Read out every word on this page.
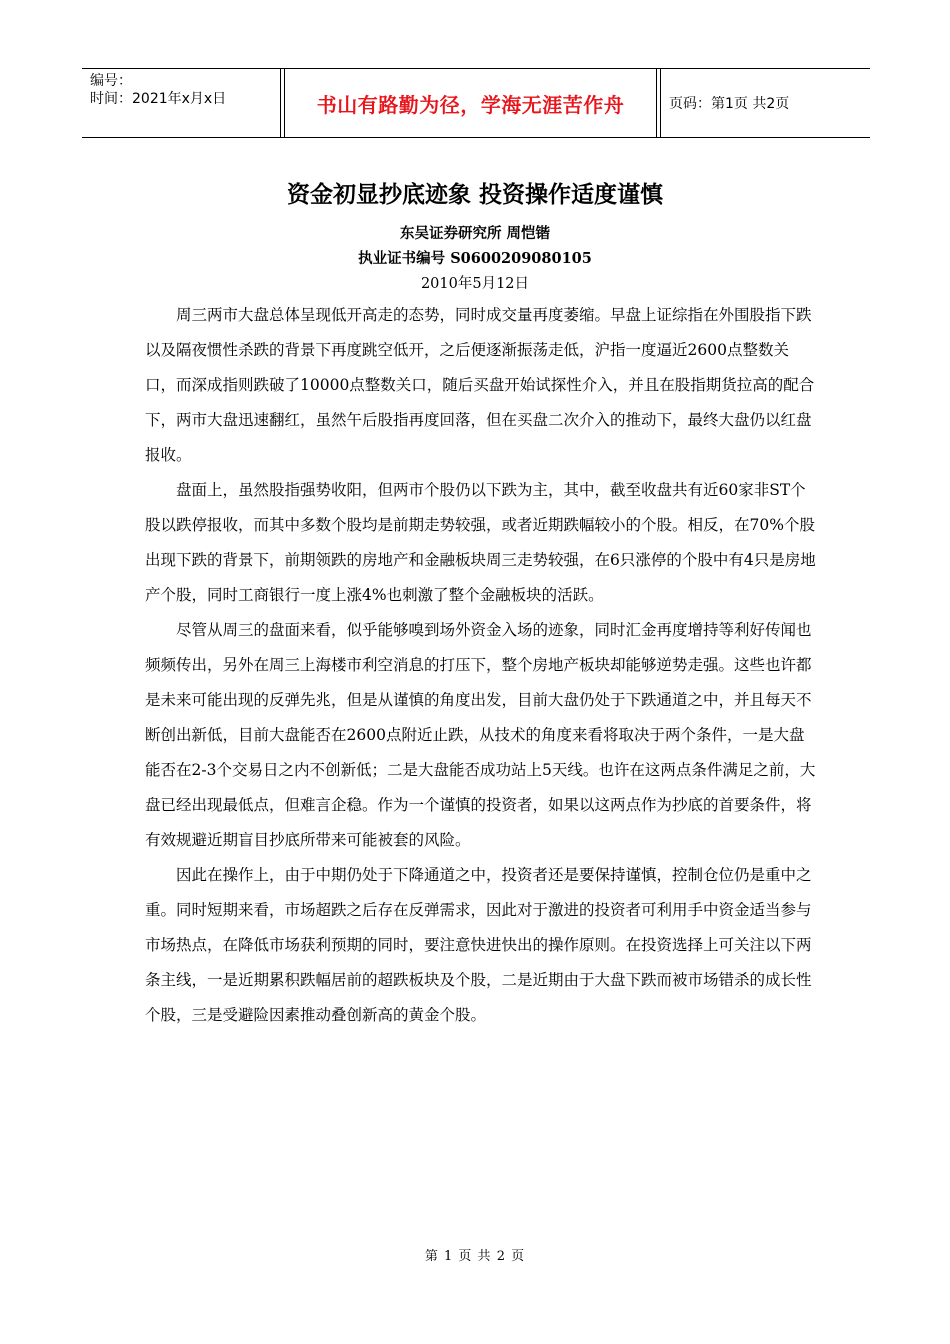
编号：
时间：2021年x月x日	书山有路勤为径，学海无涯苦作舟	页码：第1页 共2页
资金初显抄底迹象 投资操作适度谨慎
东吴证券研究所 周恺锴
执业证书编号 S0600209080105
2010年5月12日

周三两市大盘总体呈现低开高走的态势，同时成交量再度萎缩。早盘上证综指在外围股指下跌以及隔夜惯性杀跌的背景下再度跳空低开，之后便逐渐振荡走低，沪指一度逼近2600点整数关口，而深成指则跌破了10000点整数关口，随后买盘开始试探性介入，并且在股指期货拉高的配合下，两市大盘迅速翻红，虽然午后股指再度回落，但在买盘二次介入的推动下，最终大盘仍以红盘报收。

盘面上，虽然股指强势收阳，但两市个股仍以下跌为主，其中，截至收盘共有近60家非ST个股以跌停报收，而其中多数个股均是前期走势较强，或者近期跌幅较小的个股。相反，在70%个股出现下跌的背景下，前期领跌的房地产和金融板块周三走势较强，在6只涨停的个股中有4只是房地产个股，同时工商银行一度上涨4%也刺激了整个金融板块的活跃。

尽管从周三的盘面来看，似乎能够嗅到场外资金入场的迹象，同时汇金再度增持等利好传闻也频频传出，另外在周三上海楼市利空消息的打压下，整个房地产板块却能够逆势走强。这些也许都是未来可能出现的反弹先兆，但是从谨慎的角度出发，目前大盘仍处于下跌通道之中，并且每天不断创出新低，目前大盘能否在2600点附近止跌，从技术的角度来看将取决于两个条件，一是大盘能否在2-3个交易日之内不创新低；二是大盘能否成功站上5天线。也许在这两点条件满足之前，大盘已经出现最低点，但难言企稳。作为一个谨慎的投资者，如果以这两点作为抄底的首要条件，将有效规避近期盲目抄底所带来可能被套的风险。

因此在操作上，由于中期仍处于下降通道之中，投资者还是要保持谨慎，控制仓位仍是重中之重。同时短期来看，市场超跌之后存在反弹需求，因此对于激进的投资者可利用手中资金适当参与市场热点，在降低市场获利预期的同时，要注意快进快出的操作原则。在投资选择上可关注以下两条主线，一是近期累积跌幅居前的超跌板块及个股，二是近期由于大盘下跌而被市场错杀的成长性个股，三是受避险因素推动叠创新高的黄金个股。

第 1 页 共 2 页
